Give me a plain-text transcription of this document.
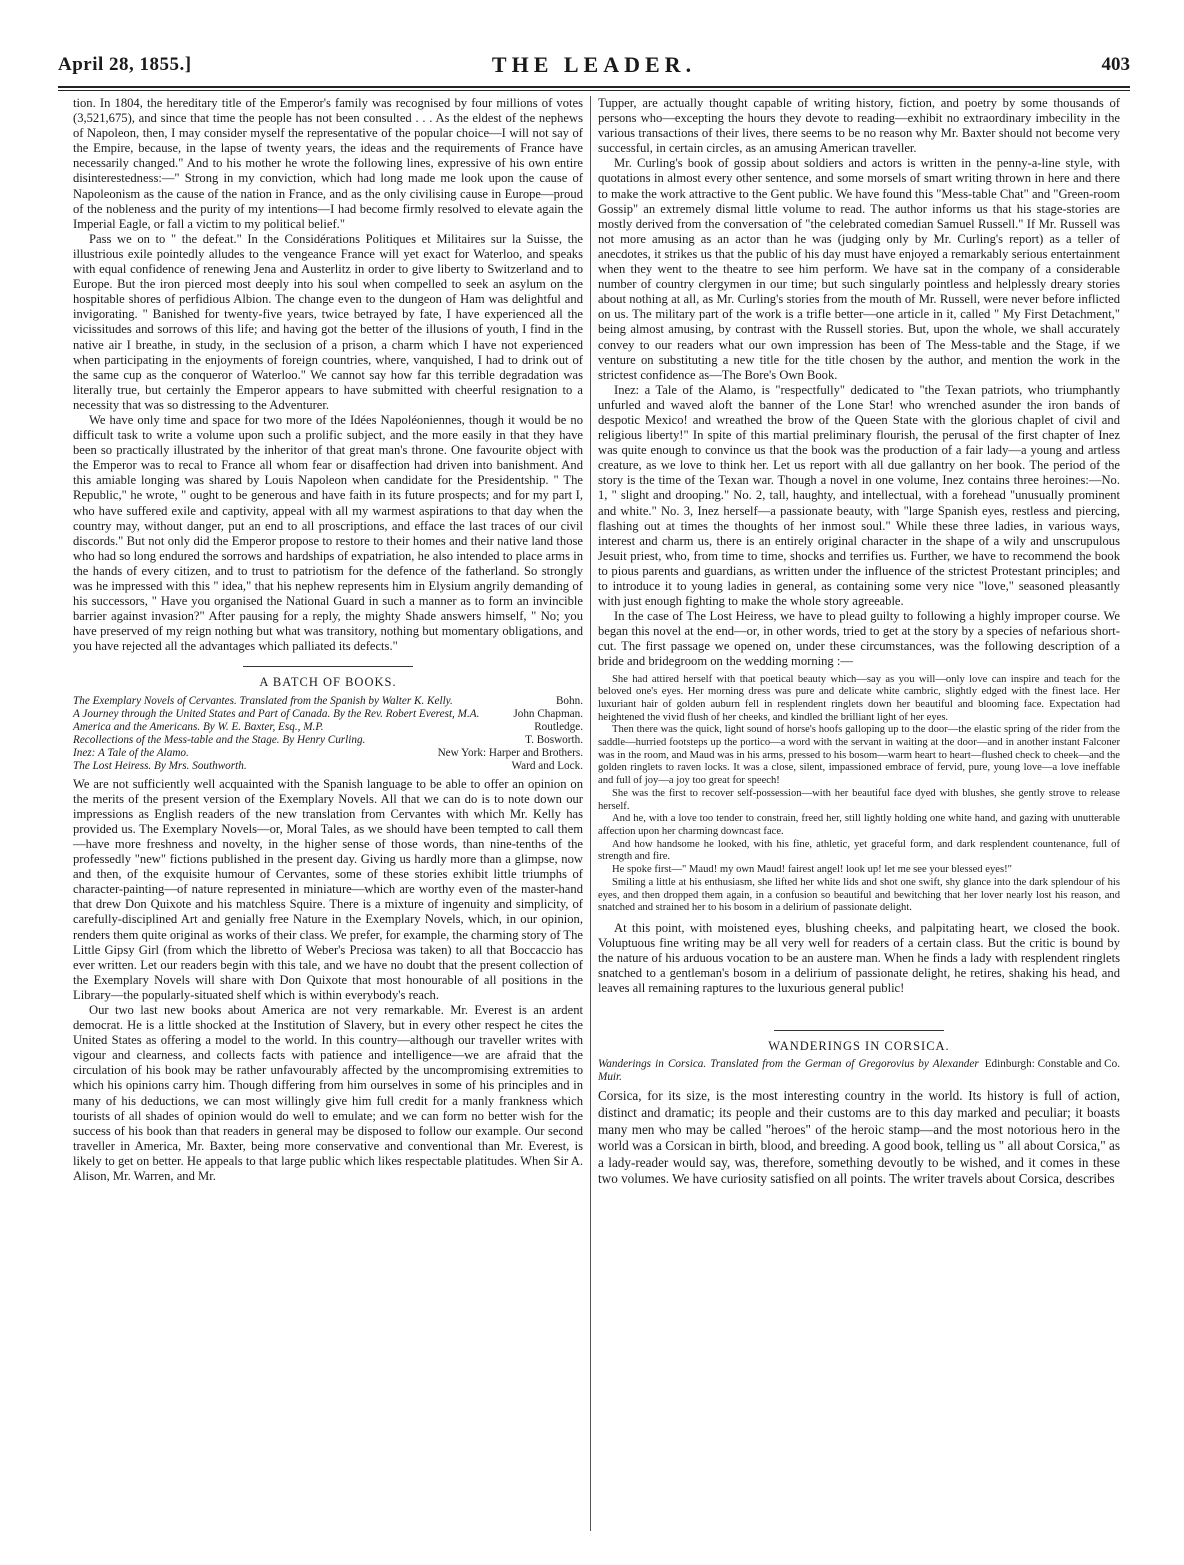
April 28, 1855.]	THE LEADER.	403

tion. In 1804, the hereditary title of the Emperor's family was recognised by four millions of votes (3,521,675), and since that time the people has not been consulted . . . As the eldest of the nephews of Napoleon, then, I may consider myself the representative of the popular choice—I will not say of the Empire, because, in the lapse of twenty years, the ideas and the requirements of France have necessarily changed." And to his mother he wrote the following lines, expressive of his own entire disinterestedness:—" Strong in my conviction, which had long made me look upon the cause of Napoleonism as the cause of the nation in France, and as the only civilising cause in Europe—proud of the nobleness and the purity of my intentions—I had become firmly resolved to elevate again the Imperial Eagle, or fall a victim to my political belief."

Pass we on to " the defeat." In the Considérations Politiques et Militaires sur la Suisse, the illustrious exile pointedly alludes to the vengeance France will yet exact for Waterloo, and speaks with equal confidence of renewing Jena and Austerlitz in order to give liberty to Switzerland and to Europe. But the iron pierced most deeply into his soul when compelled to seek an asylum on the hospitable shores of perfidious Albion. The change even to the dungeon of Ham was delightful and invigorating. " Banished for twenty-five years, twice betrayed by fate, I have experienced all the vicissitudes and sorrows of this life; and having got the better of the illusions of youth, I find in the native air I breathe, in study, in the seclusion of a prison, a charm which I have not experienced when participating in the enjoyments of foreign countries, where, vanquished, I had to drink out of the same cup as the conqueror of Waterloo." We cannot say how far this terrible degradation was literally true, but certainly the Emperor appears to have submitted with cheerful resignation to a necessity that was so distressing to the Adventurer.

We have only time and space for two more of the Idées Napoléoniennes, though it would be no difficult task to write a volume upon such a prolific subject, and the more easily in that they have been so practically illustrated by the inheritor of that great man's throne. One favourite object with the Emperor was to recal to France all whom fear or disaffection had driven into banishment. And this amiable longing was shared by Louis Napoleon when candidate for the Presidentship. " The Republic," he wrote, " ought to be generous and have faith in its future prospects; and for my part I, who have suffered exile and captivity, appeal with all my warmest aspirations to that day when the country may, without danger, put an end to all proscriptions, and efface the last traces of our civil discords." But not only did the Emperor propose to restore to their homes and their native land those who had so long endured the sorrows and hardships of expatriation, he also intended to place arms in the hands of every citizen, and to trust to patriotism for the defence of the fatherland. So strongly was he impressed with this " idea," that his nephew represents him in Elysium angrily demanding of his successors, " Have you organised the National Guard in such a manner as to form an invincible barrier against invasion?" After pausing for a reply, the mighty Shade answers himself, " No; you have preserved of my reign nothing but what was transitory, nothing but momentary obligations, and you have rejected all the advantages which palliated its defects."

A BATCH OF BOOKS.
The Exemplary Novels of Cervantes. Translated from the Spanish by Walter K. Kelly.	Bohn.
A Journey through the United States and Part of Canada. By the Rev. Robert Everest, M.A.	John Chapman.
America and the Americans. By W. E. Baxter, Esq., M.P.	Routledge.
Recollections of the Mess-table and the Stage. By Henry Curling.	T. Bosworth.
Inez: A Tale of the Alamo.	New York: Harper and Brothers.
The Lost Heiress. By Mrs. Southworth.	Ward and Lock.

We are not sufficiently well acquainted with the Spanish language to be able to offer an opinion on the merits of the present version of the Exemplary Novels. All that we can do is to note down our impressions as English readers of the new translation from Cervantes with which Mr. Kelly has provided us. The Exemplary Novels—or, Moral Tales, as we should have been tempted to call them—have more freshness and novelty, in the higher sense of those words, than nine-tenths of the professedly "new" fictions published in the present day. Giving us hardly more than a glimpse, now and then, of the exquisite humour of Cervantes, some of these stories exhibit little triumphs of character-painting—of nature represented in miniature—which are worthy even of the master-hand that drew Don Quixote and his matchless Squire. There is a mixture of ingenuity and simplicity, of carefully-disciplined Art and genially free Nature in the Exemplary Novels, which, in our opinion, renders them quite original as works of their class. We prefer, for example, the charming story of The Little Gipsy Girl (from which the libretto of Weber's Preciosa was taken) to all that Boccaccio has ever written. Let our readers begin with this tale, and we have no doubt that the present collection of the Exemplary Novels will share with Don Quixote that most honourable of all positions in the Library—the popularly-situated shelf which is within everybody's reach.

Our two last new books about America are not very remarkable. Mr. Everest is an ardent democrat. He is a little shocked at the Institution of Slavery, but in every other respect he cites the United States as offering a model to the world. In this country—although our traveller writes with vigour and clearness, and collects facts with patience and intelligence—we are afraid that the circulation of his book may be rather unfavourably affected by the uncompromising extremities to which his opinions carry him. Though differing from him ourselves in some of his principles and in many of his deductions, we can most willingly give him full credit for a manly frankness which tourists of all shades of opinion would do well to emulate; and we can form no better wish for the success of his book than that readers in general may be disposed to follow our example. Our second traveller in America, Mr. Baxter, being more conservative and conventional than Mr. Everest, is likely to get on better. He appeals to that large public which likes respectable platitudes. When Sir A. Alison, Mr. Warren, and Mr.

Tupper, are actually thought capable of writing history, fiction, and poetry by some thousands of persons who—excepting the hours they devote to reading—exhibit no extraordinary imbecility in the various transactions of their lives, there seems to be no reason why Mr. Baxter should not become very successful, in certain circles, as an amusing American traveller.

Mr. Curling's book of gossip about soldiers and actors is written in the penny-a-line style, with quotations in almost every other sentence, and some morsels of smart writing thrown in here and there to make the work attractive to the Gent public. We have found this "Mess-table Chat" and "Green-room Gossip" an extremely dismal little volume to read. The author informs us that his stage-stories are mostly derived from the conversation of "the celebrated comedian Samuel Russell." If Mr. Russell was not more amusing as an actor than he was (judging only by Mr. Curling's report) as a teller of anecdotes, it strikes us that the public of his day must have enjoyed a remarkably serious entertainment when they went to the theatre to see him perform. We have sat in the company of a considerable number of country clergymen in our time; but such singularly pointless and helplessly dreary stories about nothing at all, as Mr. Curling's stories from the mouth of Mr. Russell, were never before inflicted on us. The military part of the work is a trifle better—one article in it, called " My First Detachment," being almost amusing, by contrast with the Russell stories. But, upon the whole, we shall accurately convey to our readers what our own impression has been of The Mess-table and the Stage, if we venture on substituting a new title for the title chosen by the author, and mention the work in the strictest confidence as—The Bore's Own Book.

Inez: a Tale of the Alamo, is "respectfully" dedicated to "the Texan patriots, who triumphantly unfurled and waved aloft the banner of the Lone Star! who wrenched asunder the iron bands of despotic Mexico! and wreathed the brow of the Queen State with the glorious chaplet of civil and religious liberty!" In spite of this martial preliminary flourish, the perusal of the first chapter of Inez was quite enough to convince us that the book was the production of a fair lady—a young and artless creature, as we love to think her. Let us report with all due gallantry on her book. The period of the story is the time of the Texan war. Though a novel in one volume, Inez contains three heroines:—No. 1, " slight and drooping." No. 2, tall, haughty, and intellectual, with a forehead "unusually prominent and white." No. 3, Inez herself—a passionate beauty, with "large Spanish eyes, restless and piercing, flashing out at times the thoughts of her inmost soul." While these three ladies, in various ways, interest and charm us, there is an entirely original character in the shape of a wily and unscrupulous Jesuit priest, who, from time to time, shocks and terrifies us. Further, we have to recommend the book to pious parents and guardians, as written under the influence of the strictest Protestant principles; and to introduce it to young ladies in general, as containing some very nice "love," seasoned pleasantly with just enough fighting to make the whole story agreeable.

In the case of The Lost Heiress, we have to plead guilty to following a highly improper course. We began this novel at the end—or, in other words, tried to get at the story by a species of nefarious short-cut. The first passage we opened on, under these circumstances, was the following description of a bride and bridegroom on the wedding morning :—

She had attired herself with that poetical beauty which—say as you will—only love can inspire and teach for the beloved one's eyes. Her morning dress was pure and delicate white cambric, slightly edged with the finest lace. Her luxuriant hair of golden auburn fell in resplendent ringlets down her beautiful and blooming face. Expectation had heightened the vivid flush of her cheeks, and kindled the brilliant light of her eyes.

Then there was the quick, light sound of horse's hoofs galloping up to the door—the elastic spring of the rider from the saddle—hurried footsteps up the portico—a word with the servant in waiting at the door—and in another instant Falconer was in the room, and Maud was in his arms, pressed to his bosom—warm heart to heart—flushed check to cheek—and the golden ringlets to raven locks. It was a close, silent, impassioned embrace of fervid, pure, young love—a love ineffable and full of joy—a joy too great for speech!

She was the first to recover self-possession—with her beautiful face dyed with blushes, she gently strove to release herself.

And he, with a love too tender to constrain, freed her, still lightly holding one white hand, and gazing with unutterable affection upon her charming downcast face.

And how handsome he looked, with his fine, athletic, yet graceful form, and dark resplendent countenance, full of strength and fire.

He spoke first—" Maud! my own Maud! fairest angel! look up! let me see your blessed eyes!"

Smiling a little at his enthusiasm, she lifted her white lids and shot one swift, shy glance into the dark splendour of his eyes, and then dropped them again, in a confusion so beautiful and bewitching that her lover nearly lost his reason, and snatched and strained her to his bosom in a delirium of passionate delight.

At this point, with moistened eyes, blushing cheeks, and palpitating heart, we closed the book. Voluptuous fine writing may be all very well for readers of a certain class. But the critic is bound by the nature of his arduous vocation to be an austere man. When he finds a lady with resplendent ringlets snatched to a gentleman's bosom in a delirium of passionate delight, he retires, shaking his head, and leaves all remaining raptures to the luxurious general public!

WANDERINGS IN CORSICA.
Wanderings in Corsica. Translated from the German of Gregorovius by Alexander Muir.
Edinburgh: Constable and Co.

Corsica, for its size, is the most interesting country in the world. Its history is full of action, distinct and dramatic; its people and their customs are to this day marked and peculiar; it boasts many men who may be called "heroes" of the heroic stamp—and the most notorious hero in the world was a Corsican in birth, blood, and breeding. A good book, telling us " all about Corsica," as a lady-reader would say, was, therefore, something devoutly to be wished, and it comes in these two volumes. We have curiosity satisfied on all points. The writer travels about Corsica, describes
